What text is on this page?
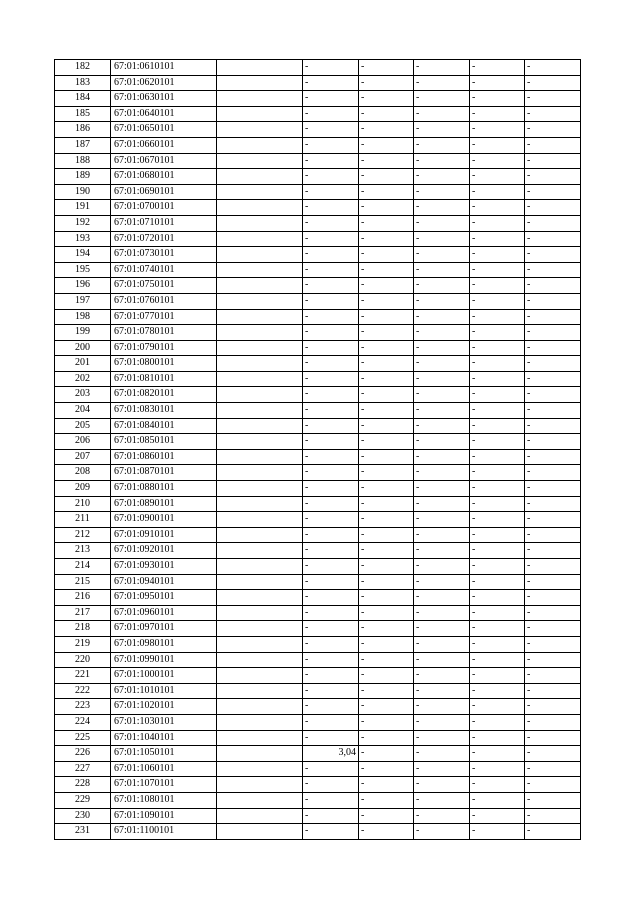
182	67:01:0610101		-	-	-	-	-
183	67:01:0620101		-	-	-	-	-
184	67:01:0630101		-	-	-	-	-
185	67:01:0640101		-	-	-	-	-
186	67:01:0650101		-	-	-	-	-
187	67:01:0660101		-	-	-	-	-
188	67:01:0670101		-	-	-	-	-
189	67:01:0680101		-	-	-	-	-
190	67:01:0690101		-	-	-	-	-
191	67:01:0700101		-	-	-	-	-
192	67:01:0710101		-	-	-	-	-
193	67:01:0720101		-	-	-	-	-
194	67:01:0730101		-	-	-	-	-
195	67:01:0740101		-	-	-	-	-
196	67:01:0750101		-	-	-	-	-
197	67:01:0760101		-	-	-	-	-
198	67:01:0770101		-	-	-	-	-
199	67:01:0780101		-	-	-	-	-
200	67:01:0790101		-	-	-	-	-
201	67:01:0800101		-	-	-	-	-
202	67:01:0810101		-	-	-	-	-
203	67:01:0820101		-	-	-	-	-
204	67:01:0830101		-	-	-	-	-
205	67:01:0840101		-	-	-	-	-
206	67:01:0850101		-	-	-	-	-
207	67:01:0860101		-	-	-	-	-
208	67:01:0870101		-	-	-	-	-
209	67:01:0880101		-	-	-	-	-
210	67:01:0890101		-	-	-	-	-
211	67:01:0900101		-	-	-	-	-
212	67:01:0910101		-	-	-	-	-
213	67:01:0920101		-	-	-	-	-
214	67:01:0930101		-	-	-	-	-
215	67:01:0940101		-	-	-	-	-
216	67:01:0950101		-	-	-	-	-
217	67:01:0960101		-	-	-	-	-
218	67:01:0970101		-	-	-	-	-
219	67:01:0980101		-	-	-	-	-
220	67:01:0990101		-	-	-	-	-
221	67:01:1000101		-	-	-	-	-
222	67:01:1010101		-	-	-	-	-
223	67:01:1020101		-	-	-	-	-
224	67:01:1030101		-	-	-	-	-
225	67:01:1040101		-	-	-	-	-
226	67:01:1050101		3,04	-	-	-	-
227	67:01:1060101		-	-	-	-	-
228	67:01:1070101		-	-	-	-	-
229	67:01:1080101		-	-	-	-	-
230	67:01:1090101		-	-	-	-	-
231	67:01:1100101		-	-	-	-	-
